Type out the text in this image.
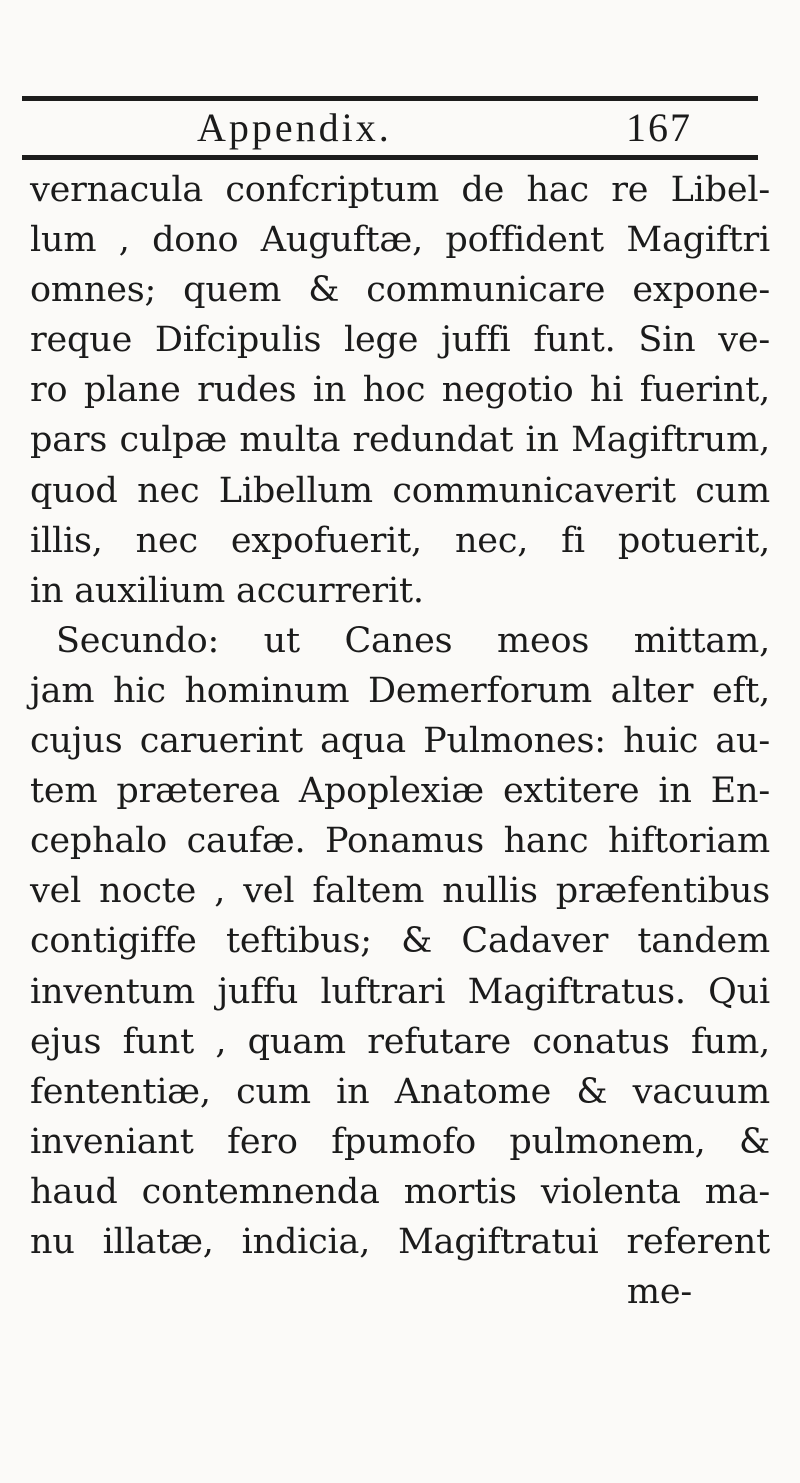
Appendix.	167
vernacula confcriptum de hac re Libel-
lum , dono Auguftæ, poffident Magiftri
omnes; quem & communicare expone-
reque Difcipulis lege juffi funt. Sin ve-
ro plane rudes in hoc negotio hi fuerint,
pars culpæ multa redundat in Magiftrum,
quod nec Libellum communicaverit cum
illis, nec expofuerit, nec, fi potuerit,
in auxilium accurrerit.
Secundo: ut Canes meos mittam,
jam hic hominum Demerforum alter eft,
cujus caruerint aqua Pulmones: huic au-
tem præterea Apoplexiæ extitere in En-
cephalo caufæ. Ponamus hanc hiftoriam
vel nocte , vel faltem nullis præfentibus
contigiffe teftibus; & Cadaver tandem
inventum juffu luftrari Magiftratus. Qui
ejus funt , quam refutare conatus fum,
fententiæ, cum in Anatome & vacuum
inveniant fero fpumofo pulmonem, &
haud contemnenda mortis violenta ma-
nu illatæ, indicia, Magiftratui referent
me-
